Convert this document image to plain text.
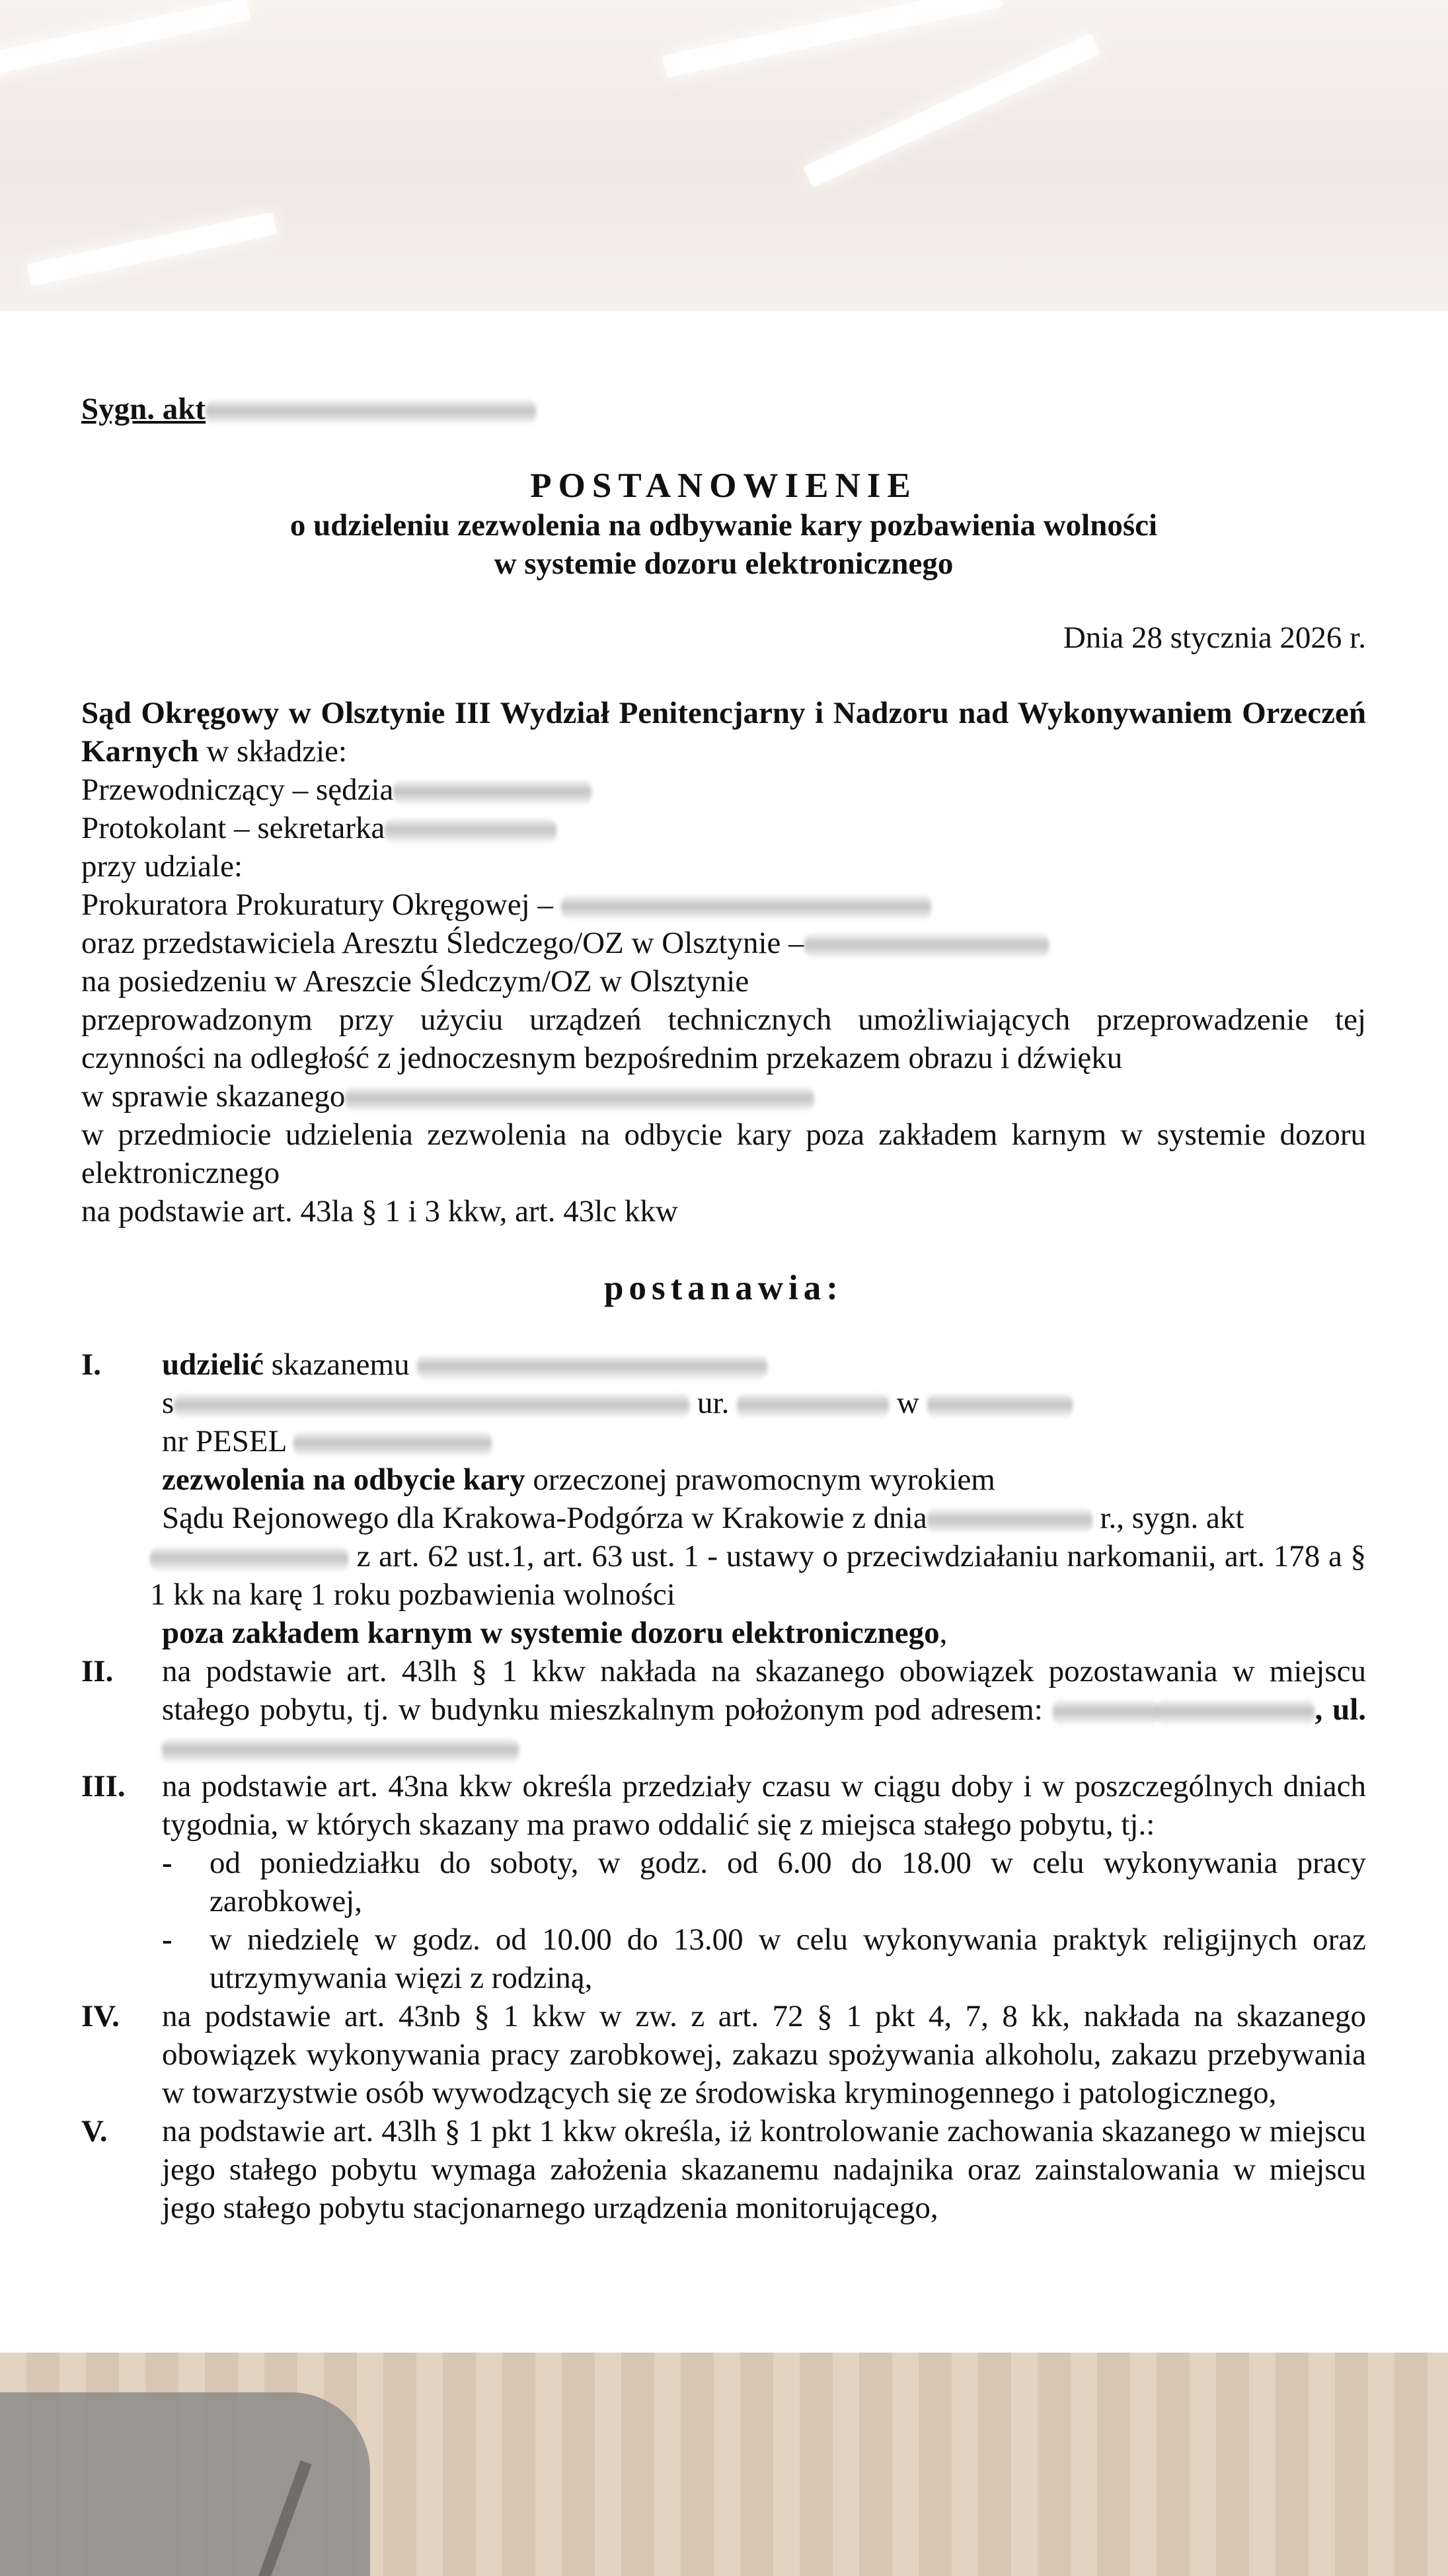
Sygn. akt
POSTANOWIENIE
o udzieleniu zezwolenia na odbywanie kary pozbawienia wolności
w systemie dozoru elektronicznego
Dnia 28 stycznia 2026 r.
Sąd Okręgowy w Olsztynie III Wydział Penitencjarny i Nadzoru nad Wykonywaniem Orzeczeń Karnych w składzie:
Przewodniczący – sędzia
Protokolant – sekretarka
przy udziale:
Prokuratora Prokuratury Okręgowej –
oraz przedstawiciela Aresztu Śledczego/OZ w Olsztynie –
na posiedzeniu w Areszcie Śledczym/OZ w Olsztynie
przeprowadzonym przy użyciu urządzeń technicznych umożliwiających przeprowadzenie tej czynności na odległość z jednoczesnym bezpośrednim przekazem obrazu i dźwięku
w sprawie skazanego
w przedmiocie udzielenia zezwolenia na odbycie kary poza zakładem karnym w systemie dozoru elektronicznego
na podstawie art. 43la § 1 i 3 kkw, art. 43lc kkw
postanawia:
I.	udzielić skazanemu
s	ur.	w
nr PESEL
zezwolenia na odbycie kary orzeczonej prawomocnym wyrokiem
Sądu Rejonowego dla Krakowa-Podgórza w Krakowie z dnia	r., sygn. akt
z art. 62 ust.1, art. 63 ust. 1 - ustawy o przeciwdziałaniu narkomanii, art. 178 a § 1 kk na karę 1 roku pozbawienia wolności
poza zakładem karnym w systemie dozoru elektronicznego,
II.	na podstawie art. 43lh § 1 kkw nakłada na skazanego obowiązek pozostawania w miejscu stałego pobytu, tj. w budynku mieszkalnym położonym pod adresem:	, ul.
III.	na podstawie art. 43na kkw określa przedziały czasu w ciągu doby i w poszczególnych dniach tygodnia, w których skazany ma prawo oddalić się z miejsca stałego pobytu, tj.:
-	od poniedziałku do soboty, w godz. od 6.00 do 18.00 w celu wykonywania pracy zarobkowej,
-	w niedzielę w godz. od 10.00 do 13.00 w celu wykonywania praktyk religijnych oraz utrzymywania więzi z rodziną,
IV.	na podstawie art. 43nb § 1 kkw w zw. z art. 72 § 1 pkt 4, 7, 8 kk, nakłada na skazanego obowiązek wykonywania pracy zarobkowej, zakazu spożywania alkoholu, zakazu przebywania w towarzystwie osób wywodzących się ze środowiska kryminogennego i patologicznego,
V.	na podstawie art. 43lh § 1 pkt 1 kkw określa, iż kontrolowanie zachowania skazanego w miejscu jego stałego pobytu wymaga założenia skazanemu nadajnika oraz zainstalowania w miejscu jego stałego pobytu stacjonarnego urządzenia monitorującego,
